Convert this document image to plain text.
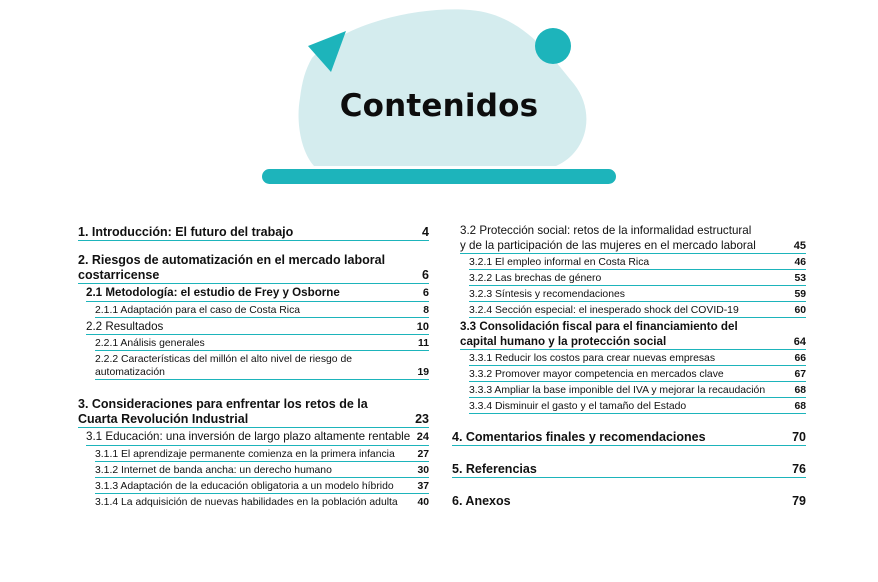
Contenidos
1. Introducción: El futuro del trabajo	4
2. Riesgos de automatización en el mercado laboral costarricense	6
2.1 Metodología: el estudio de Frey y Osborne	6
2.1.1 Adaptación para el caso de Costa Rica	8
2.2 Resultados	10
2.2.1 Análisis generales	11
2.2.2 Características del millón el alto nivel de riesgo de automatización	19
3. Consideraciones para enfrentar los retos de la Cuarta Revolución Industrial	23
3.1 Educación: una inversión de largo plazo altamente rentable 24
3.1.1 El aprendizaje permanente comienza en la primera infancia	27
3.1.2 Internet de banda ancha: un derecho humano	30
3.1.3 Adaptación de la educación obligatoria a un modelo híbrido	37
3.1.4 La adquisición de nuevas habilidades en la población adulta	40
3.2 Protección social: retos de la informalidad estructural y de la participación de las mujeres en el mercado laboral	45
3.2.1 El empleo informal en Costa Rica	46
3.2.2 Las brechas de género	53
3.2.3 Síntesis y recomendaciones	59
3.2.4 Sección especial: el inesperado shock del COVID-19	60
3.3 Consolidación fiscal para el financiamiento del capital humano y la protección social	64
3.3.1 Reducir los costos para crear nuevas empresas	66
3.3.2 Promover mayor competencia en mercados clave	67
3.3.3 Ampliar la base imponible del IVA y mejorar la recaudación	68
3.3.4 Disminuir el gasto y el tamaño del Estado	68
4. Comentarios finales y recomendaciones	70
5. Referencias	76
6. Anexos	79
